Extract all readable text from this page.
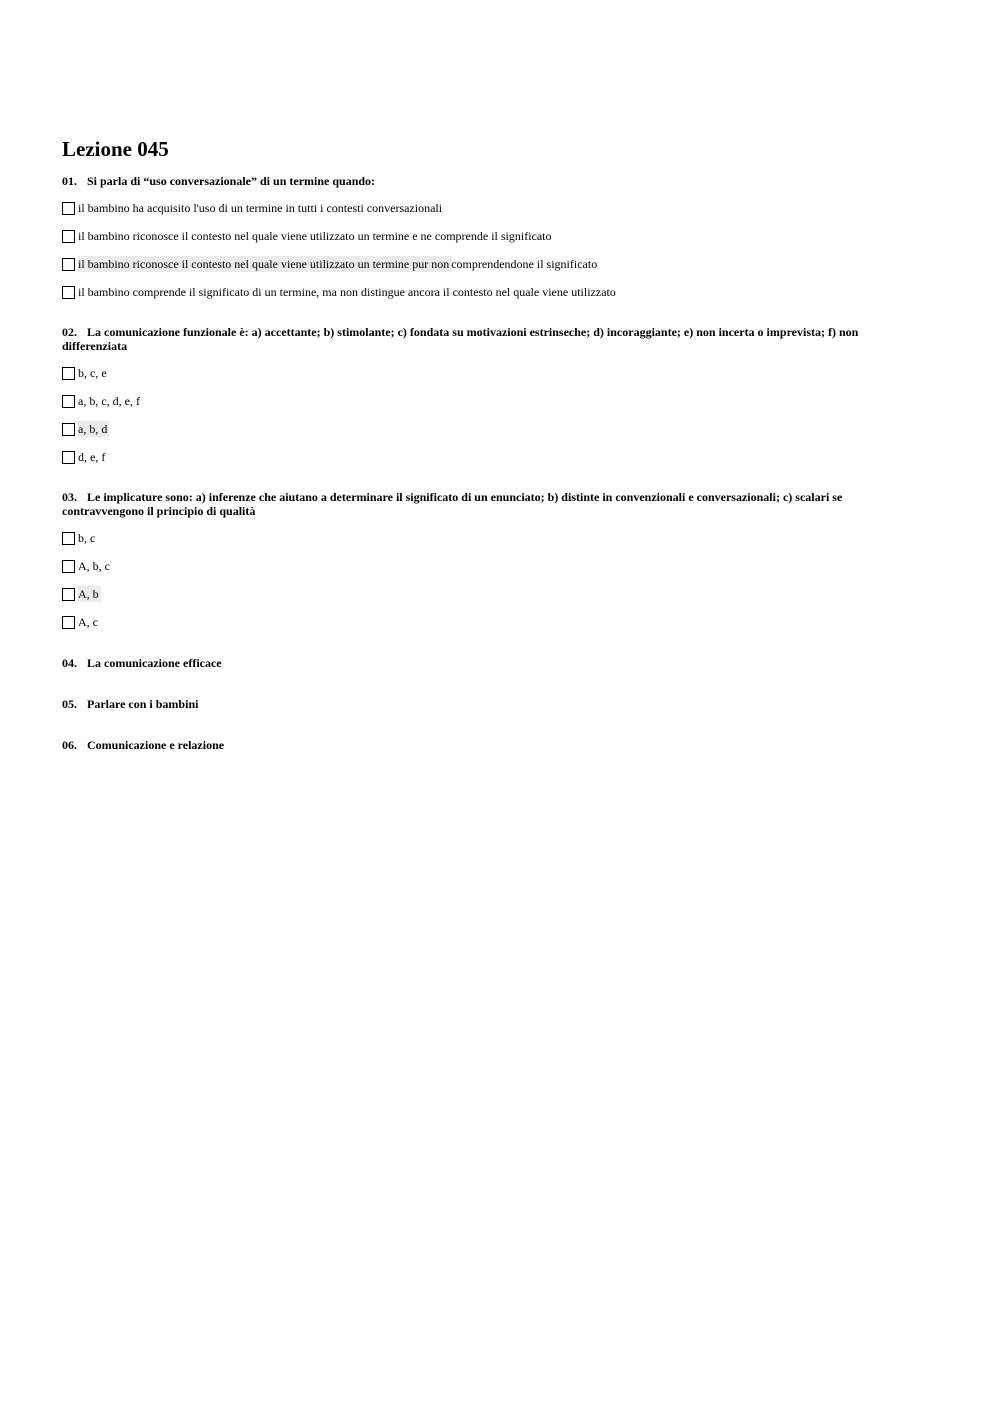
Lezione 045

01. Si parla di “uso conversazionale” di un termine quando:

il bambino ha acquisito l'uso di un termine in tutti i contesti conversazionali
il bambino riconosce il contesto nel quale viene utilizzato un termine e ne comprende il significato
il bambino riconosce il contesto nel quale viene utilizzato un termine pur non comprendendone il significato
il bambino comprende il significato di un termine, ma non distingue ancora il contesto nel quale viene utilizzato

02. La comunicazione funzionale è: a) accettante; b) stimolante; c) fondata su motivazioni estrinseche; d) incoraggiante; e) non incerta o imprevista; f) non differenziata

b, c, e
a, b, c, d, e, f
a, b, d
d, e, f

03. Le implicature sono: a) inferenze che aiutano a determinare il significato di un enunciato; b) distinte in convenzionali e conversazionali; c) scalari se contravvengono il principio di qualità

b, c
A, b, c
A, b
A, c

04. La comunicazione efficace

05. Parlare con i bambini

06. Comunicazione e relazione
